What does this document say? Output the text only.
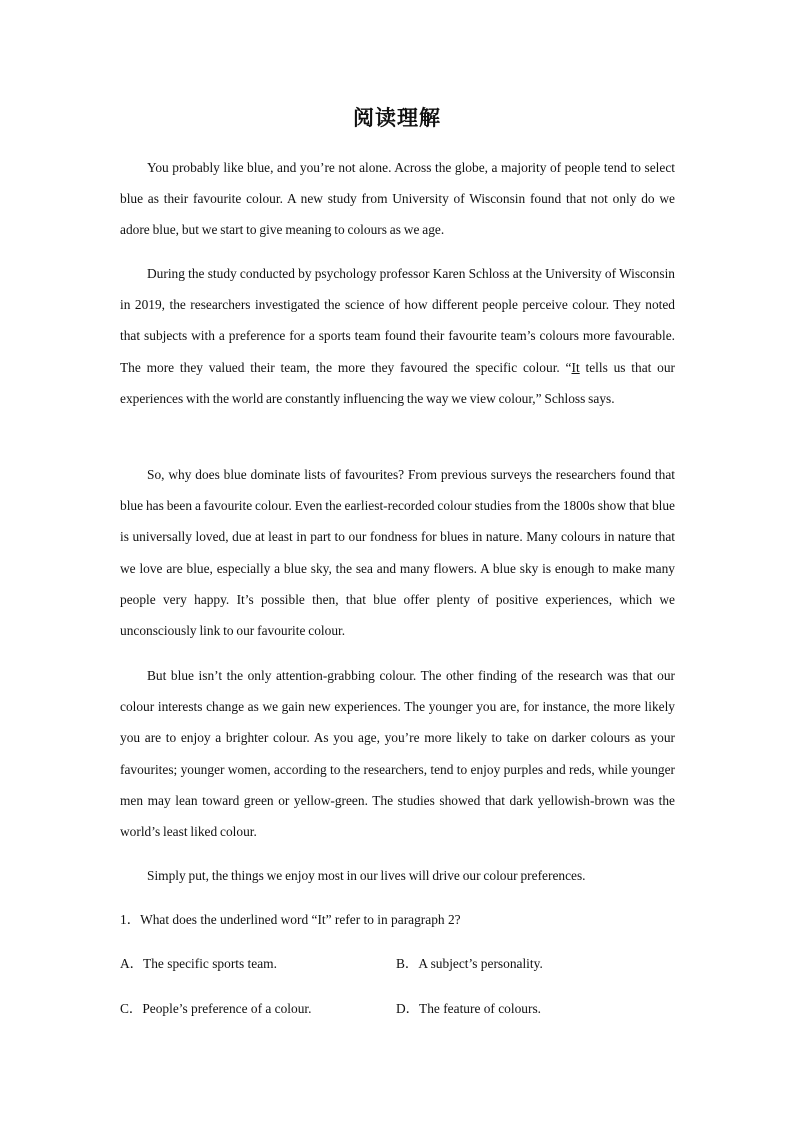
阅读理解

You probably like blue, and you’re not alone. Across the globe, a majority of people tend to select blue as their favourite colour. A new study from University of Wisconsin found that not only do we adore blue, but we start to give meaning to colours as we age.

During the study conducted by psychology professor Karen Schloss at the University of Wisconsin in 2019, the researchers investigated the science of how different people perceive colour. They noted that subjects with a preference for a sports team found their favourite team’s colours more favourable. The more they valued their team, the more they favoured the specific colour. “It tells us that our experiences with the world are constantly influencing the way we view colour,” Schloss says.

So, why does blue dominate lists of favourites? From previous surveys the researchers found that blue has been a favourite colour. Even the earliest-recorded colour studies from the 1800s show that blue is universally loved, due at least in part to our fondness for blues in nature. Many colours in nature that we love are blue, especially a blue sky, the sea and many flowers. A blue sky is enough to make many people very happy. It’s possible then, that blue offer plenty of positive experiences, which we unconsciously link to our favourite colour.

But blue isn’t the only attention-grabbing colour. The other finding of the research was that our colour interests change as we gain new experiences. The younger you are, for instance, the more likely you are to enjoy a brighter colour. As you age, you’re more likely to take on darker colours as your favourites; younger women, according to the researchers, tend to enjoy purples and reds, while younger men may lean toward green or yellow-green. The studies showed that dark yellowish-brown was the world’s least liked colour.

Simply put, the things we enjoy most in our lives will drive our colour preferences.

1．What does the underlined word “It” refer to in paragraph 2?
A．The specific sports team.	B．A subject’s personality.
C．People’s preference of a colour.	D．The feature of colours.
